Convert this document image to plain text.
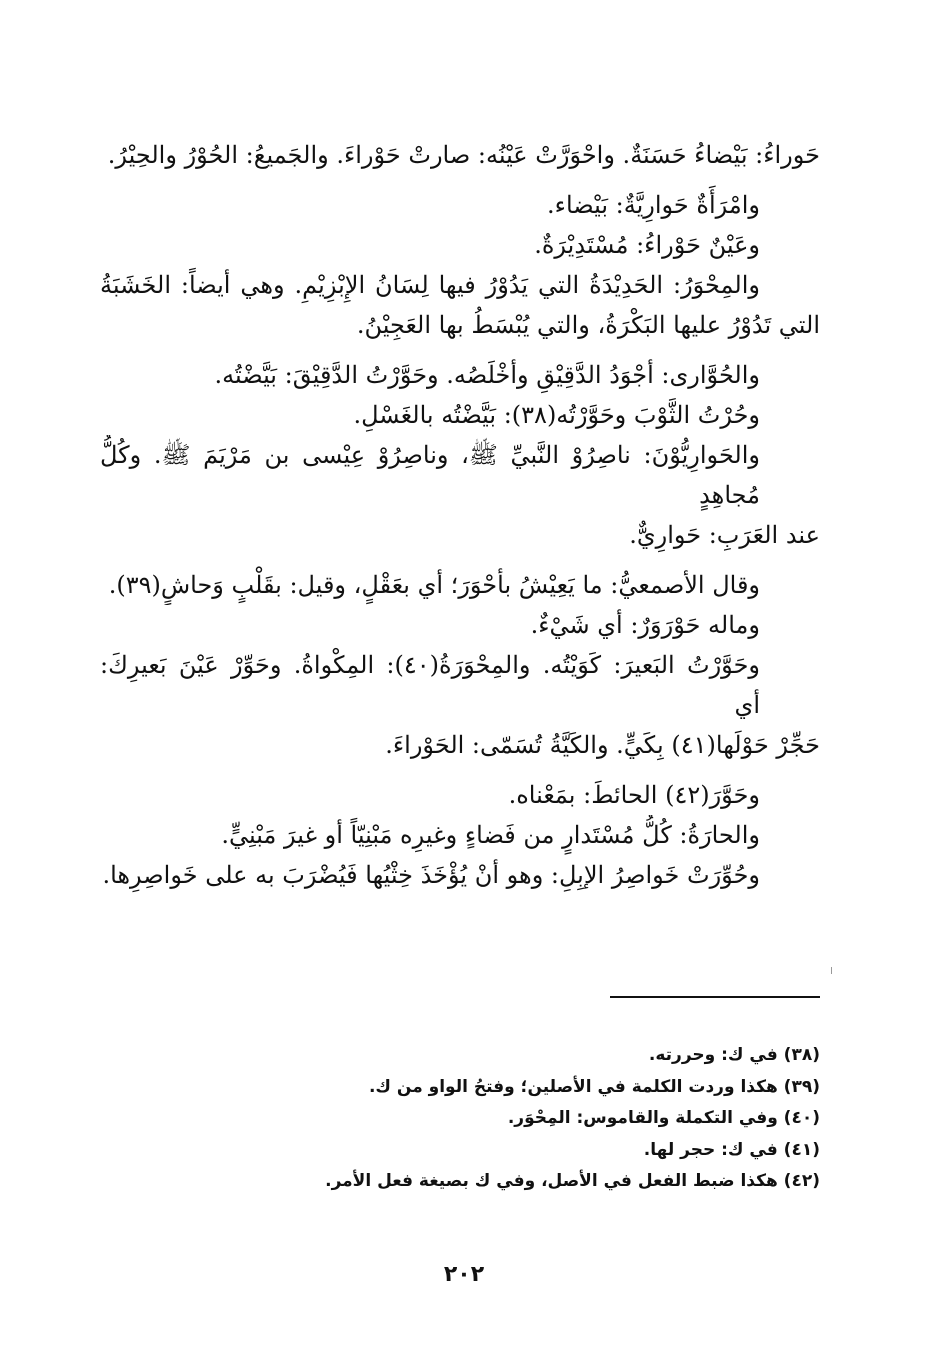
حَوراءُ: بَيْضاءُ حَسَنَةٌ. واحْوَرَّتْ عَيْنُه: صارتْ حَوْراءَ. والجَميعُ: الحُوْرُ والحِيْرُ.
وامْرَأَةٌ حَوارِيَّةٌ: بَيْضاء.
وعَيْنٌ حَوْراءُ: مُسْتَدِيْرَةٌ.
والمِحْوَرُ: الحَدِيْدَةُ التي يَدُوْرُ فيها لِسَانُ الإِبْزِيْمِ. وهي أيضاً: الخَشَبَةُ
التي تَدُوْرُ عليها البَكْرَةُ، والتي يُبْسَطُ بها العَجِيْنُ.
والحُوَّارى: أجْوَدُ الدَّقِيْقِ وأخْلَصُه. وحَوَّرْتُ الدَّقِيْقَ: بَيَّضْتُه.
وحُرْتُ الثَّوْبَ وحَوَّرْتُه(٣٨): بَيَّضْتُه بالغَسْلِ.
والحَوارِيُّوْنَ: ناصِرُوْ النَّبيِّ ﷺ، وناصِرُوْ عِيْسى بن مَرْيَمَ ﷺ. وكُلُّ مُجاهِدٍ
عند العَرَبِ: حَوارِيٌّ.
وقال الأصمعيُّ: ما يَعِيْشُ بأحْوَرَ؛ أي بعَقْلٍ، وقيل: بقَلْبٍ وَحاشٍ(٣٩).
وماله حَوْرَوَرٌ: أي شَيْءٌ.
وحَوَّرْتُ البَعيرَ: كَوَيْتُه. والمِحْوَرَةُ(٤٠): المِكْواةُ. وحَوِّرْ عَيْنَ بَعيرِكَ: أي
حَجِّرْ حَوْلَها(٤١) بِكَيٍّ. والكَيَّةُ تُسَمّى: الحَوْراءَ.
وحَوَّرَ(٤٢) الحائطَ: بمَعْناه.
والحارَةُ: كُلُّ مُسْتَدارٍ من فَضاءٍ وغيرِه مَبْنِيّاً أو غيرَ مَبْنِيٍّ.
وحُوِّرَتْ خَواصِرُ الإبِلِ: وهو أنْ يُؤْخَذَ خِثْيُها فَيُضْرَبَ به على خَواصِرِها.
(٣٨) في ك: وحررته.
(٣٩) هكذا وردت الكلمة في الأصلين؛ وفتحُ الواو من ك.
(٤٠) وفي التكملة والقاموس: المِحْوَر.
(٤١) في ك: حجر لها.
(٤٢) هكذا ضبط الفعل في الأصل، وفي ك بصيغة فعل الأمر.
٢٠٢
